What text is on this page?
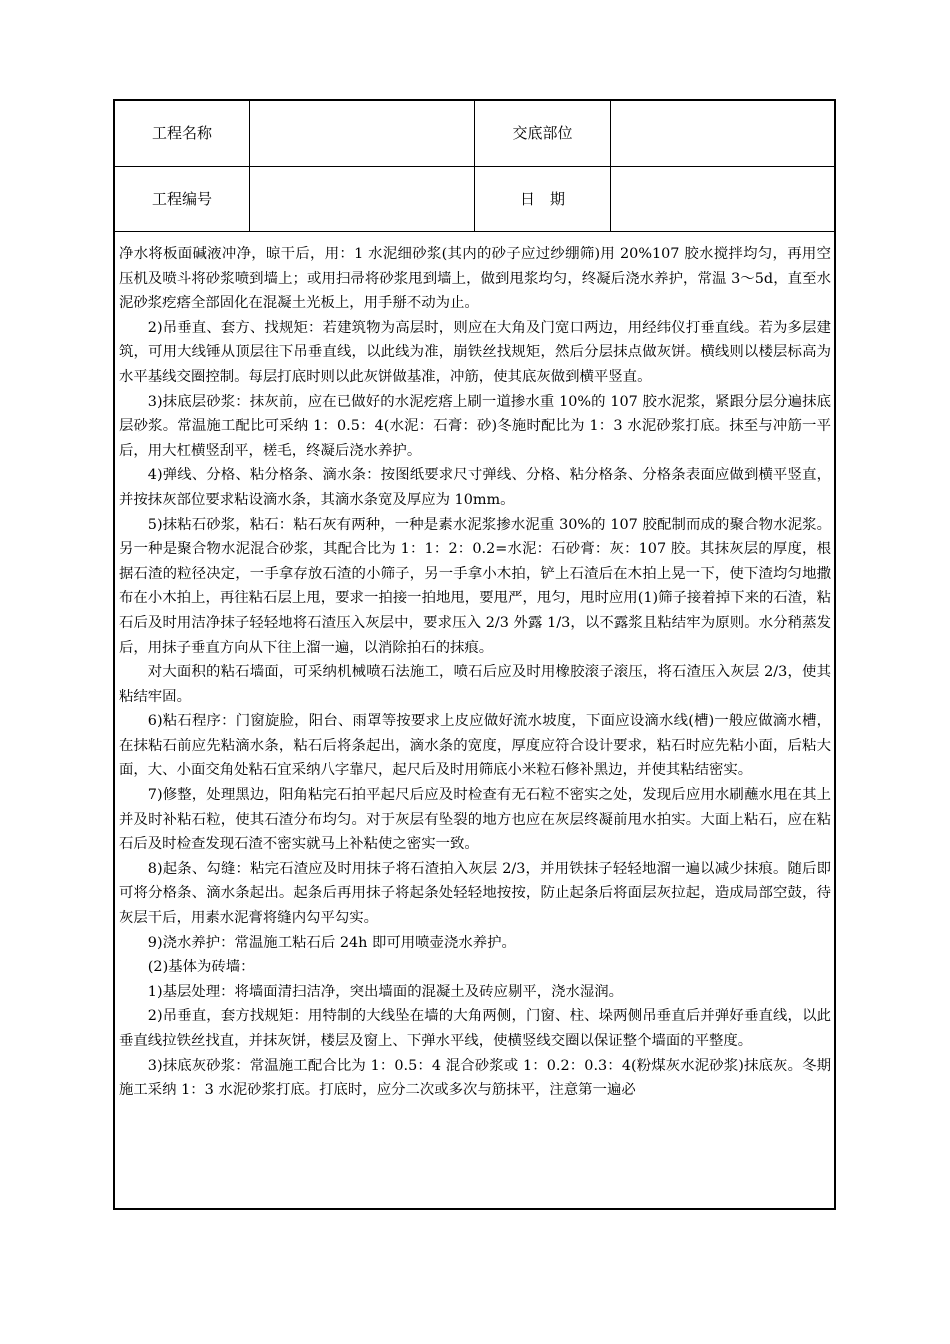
工程名称	交底部位
工程编号	日　期

净水将板面碱液冲净，晾干后，用：1 水泥细砂浆(其内的砂子应过纱绷筛)用 20%107 胶水搅拌均匀，再用空压机及喷斗将砂浆喷到墙上；或用扫帚将砂浆甩到墙上，做到甩浆均匀，终凝后浇水养护，常温 3～5d，直至水泥砂浆疙瘩全部固化在混凝土光板上，用手掰不动为止。

2)吊垂直、套方、找规矩：若建筑物为高层时，则应在大角及门宽口两边，用经纬仪打垂直线。若为多层建筑，可用大线锤从顶层往下吊垂直线，以此线为准，崩铁丝找规矩，然后分层抹点做灰饼。横线则以楼层标高为水平基线交圈控制。每层打底时则以此灰饼做基准，冲筋，使其底灰做到横平竖直。

3)抹底层砂浆：抹灰前，应在已做好的水泥疙瘩上刷一道掺水重 10%的 107 胶水泥浆，紧跟分层分遍抹底层砂浆。常温施工配比可采纳 1：0.5：4(水泥：石膏：砂)冬施时配比为 1：3 水泥砂浆打底。抹至与冲筋一平后，用大杠横竖刮平，槎毛，终凝后浇水养护。

4)弹线、分格、粘分格条、滴水条：按图纸要求尺寸弹线、分格、粘分格条、分格条表面应做到横平竖直，并按抹灰部位要求粘设滴水条，其滴水条宽及厚应为 10mm。

5)抹粘石砂浆，粘石：粘石灰有两种，一种是素水泥浆掺水泥重 30%的 107 胶配制而成的聚合物水泥浆。另一种是聚合物水泥混合砂浆，其配合比为 1：1：2：0.2=水泥：石砂膏：灰：107 胶。其抹灰层的厚度，根据石渣的粒径决定，一手拿存放石渣的小筛子，另一手拿小木拍，铲上石渣后在木拍上晃一下，使下渣均匀地撒布在小木拍上，再往粘石层上甩，要求一拍接一拍地甩，要甩严，甩匀，甩时应用(1)筛子接着掉下来的石渣，粘石后及时用洁净抹子轻轻地将石渣压入灰层中，要求压入 2/3 外露 1/3，以不露浆且粘结牢为原则。水分稍蒸发后，用抹子垂直方向从下往上溜一遍，以消除拍石的抹痕。

对大面积的粘石墙面，可采纳机械喷石法施工，喷石后应及时用橡胶滚子滚压，将石渣压入灰层 2/3，使其粘结牢固。

6)粘石程序：门窗旋脸，阳台、雨罩等按要求上皮应做好流水坡度，下面应设滴水线(槽)一般应做滴水槽，在抹粘石前应先粘滴水条，粘石后将条起出，滴水条的宽度，厚度应符合设计要求，粘石时应先粘小面，后粘大面，大、小面交角处粘石宜采纳八字靠尺，起尺后及时用筛底小米粒石修补黑边，并使其粘结密实。

7)修整，处理黑边，阳角粘完石拍平起尺后应及时检查有无石粒不密实之处，发现后应用水刷蘸水甩在其上并及时补粘石粒，使其石渣分布均匀。对于灰层有坠裂的地方也应在灰层终凝前甩水拍实。大面上粘石，应在粘石后及时检查发现石渣不密实就马上补粘使之密实一致。

8)起条、勾缝：粘完石渣应及时用抹子将石渣拍入灰层 2/3，并用铁抹子轻轻地溜一遍以减少抹痕。随后即可将分格条、滴水条起出。起条后再用抹子将起条处轻轻地按按，防止起条后将面层灰拉起，造成局部空鼓，待灰层干后，用素水泥膏将缝内勾平勾实。

9)浇水养护：常温施工粘石后 24h 即可用喷壶浇水养护。

(2)基体为砖墙：

1)基层处理：将墙面清扫洁净，突出墙面的混凝土及砖应剔平，浇水湿润。

2)吊垂直，套方找规矩：用特制的大线坠在墙的大角两侧，门窗、柱、垛两侧吊垂直后并弹好垂直线，以此垂直线拉铁丝找直，并抹灰饼，楼层及窗上、下弹水平线，使横竖线交圈以保证整个墙面的平整度。

3)抹底灰砂浆：常温施工配合比为 1：0.5：4 混合砂浆或 1：0.2：0.3：4(粉煤灰水泥砂浆)抹底灰。冬期施工采纳 1：3 水泥砂浆打底。打底时，应分二次或多次与筋抹平，注意第一遍必
